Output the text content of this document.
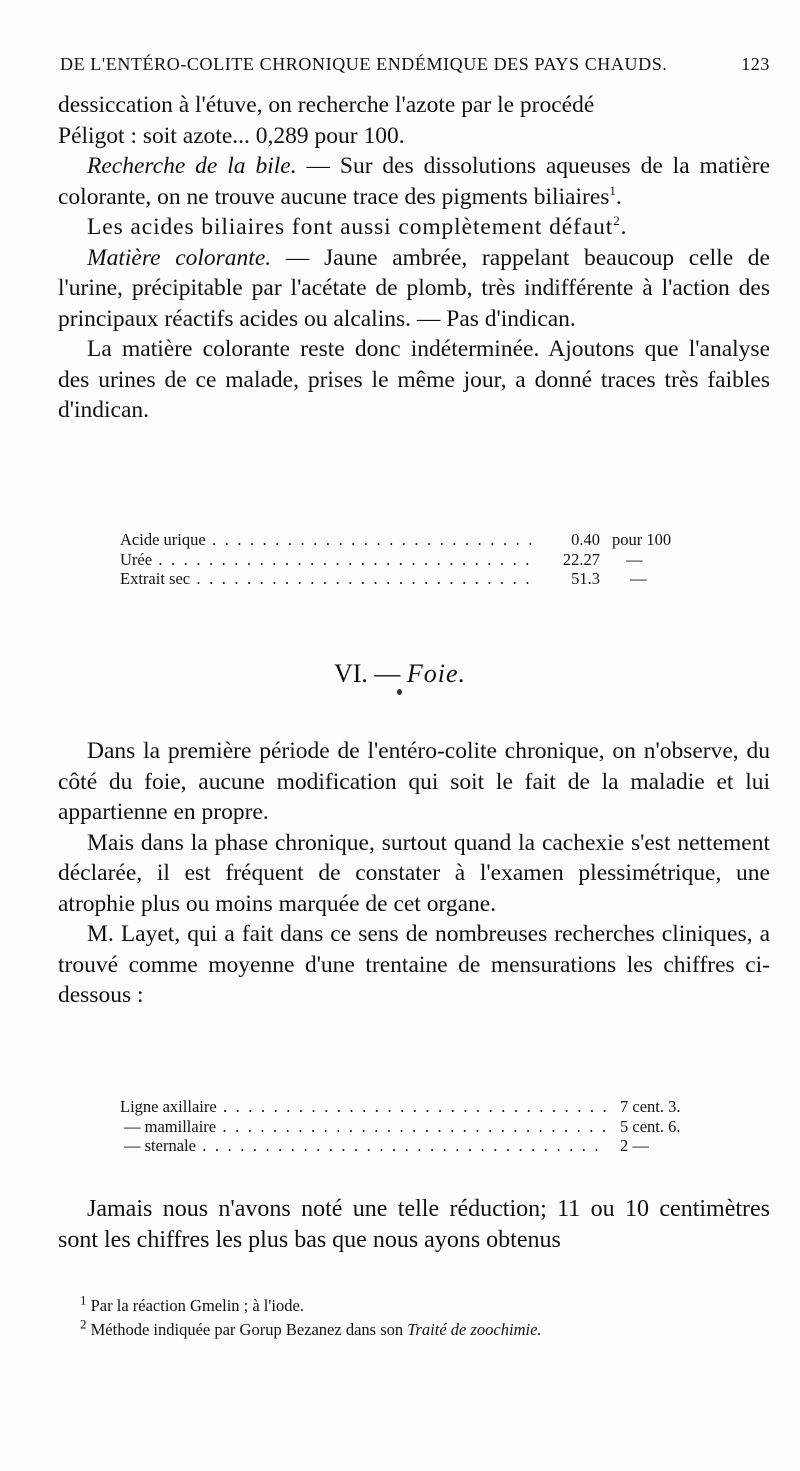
DE L'ENTÉRO-COLITE CHRONIQUE ENDÉMIQUE DES PAYS CHAUDS.	123

dessiccation à l'étuve, on recherche l'azote par le procédé

Péligot : soit azote... 0,289 pour 100.

Recherche de la bile. — Sur des dissolutions aqueuses de la matière colorante, on ne trouve aucune trace des pigments biliaires$^1$.

Les acides biliaires font aussi complètement défaut$^2$.

Matière colorante. — Jaune ambrée, rappelant beaucoup celle de l'urine, précipitable par l'acétate de plomb, très indifférente à l'action des principaux réactifs acides ou alcalins. — Pas d'indican.

La matière colorante reste donc indéterminée. Ajoutons que l'analyse des urines de ce malade, prises le même jour, a donné traces très faibles d'indican.

Acide urique . . .	0.40 pour 100
Urée . . .	22.27	—
Extrait sec . . .	51.3	—
VI. — Foie.

Dans la première période de l'entéro-colite chronique, on n'observe, du côté du foie, aucune modification qui soit le fait de la maladie et lui appartienne en propre.

Mais dans la phase chronique, surtout quand la cachexie s'est nettement déclarée, il est fréquent de constater à l'examen plessimétrique, une atrophie plus ou moins marquée de cet organe.

M. Layet, qui a fait dans ce sens de nombreuses recherches cliniques, a trouvé comme moyenne d'une trentaine de mensurations les chiffres ci-dessous :

Ligne axillaire . . .	7 cent. 3.
— mamillaire . . .	5 cent. 6.
— sternale . . .	2 —

Jamais nous n'avons noté une telle réduction; 11 ou 10 centimètres sont les chiffres les plus bas que nous ayons obtenus

$^1$ Par la réaction Gmelin ; à l'iode.

$^2$ Méthode indiquée par Gorup Bezanez dans son Traité de zoochimie.
